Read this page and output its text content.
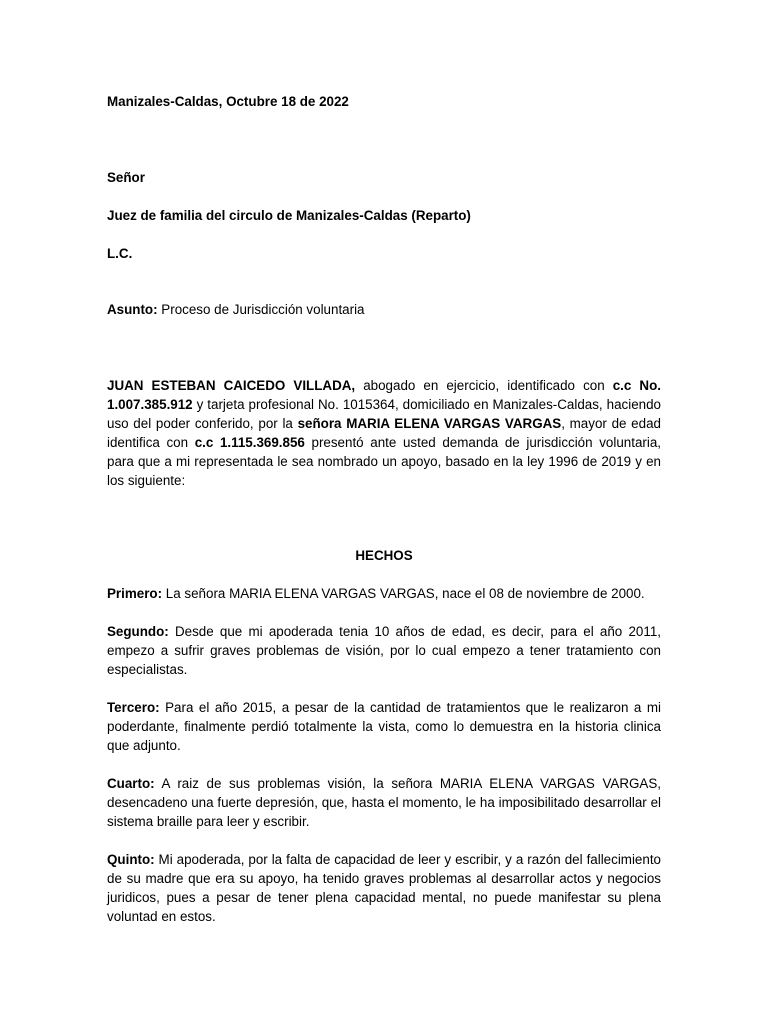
Manizales-Caldas, Octubre 18 de 2022
Señor
Juez de familia del circulo de Manizales-Caldas (Reparto)
L.C.
Asunto: Proceso de Jurisdicción voluntaria
JUAN ESTEBAN CAICEDO VILLADA, abogado en ejercicio, identificado con c.c No. 1.007.385.912 y tarjeta profesional No. 1015364, domiciliado en Manizales-Caldas, haciendo uso del poder conferido, por la señora MARIA ELENA VARGAS VARGAS, mayor de edad identifica con c.c 1.115.369.856 presentó ante usted demanda de jurisdicción voluntaria, para que a mi representada le sea nombrado un apoyo, basado en la ley 1996 de 2019 y en los siguiente:
HECHOS
Primero: La señora MARIA ELENA VARGAS VARGAS, nace el 08 de noviembre de 2000.
Segundo: Desde que mi apoderada tenia 10 años de edad, es decir, para el año 2011, empezo a sufrir graves problemas de visión, por lo cual empezo a tener tratamiento con especialistas.
Tercero: Para el año 2015, a pesar de la cantidad de tratamientos que le realizaron a mi poderdante, finalmente perdió totalmente la vista, como lo demuestra en la historia clinica que adjunto.
Cuarto: A raiz de sus problemas visión, la señora MARIA ELENA VARGAS VARGAS, desencadeno una fuerte depresión, que, hasta el momento, le ha imposibilitado desarrollar el sistema braille para leer y escribir.
Quinto: Mi apoderada, por la falta de capacidad de leer y escribir, y a razón del fallecimiento de su madre que era su apoyo, ha tenido graves problemas al desarrollar actos y negocios juridicos, pues a pesar de tener plena capacidad mental, no puede manifestar su plena voluntad en estos.
